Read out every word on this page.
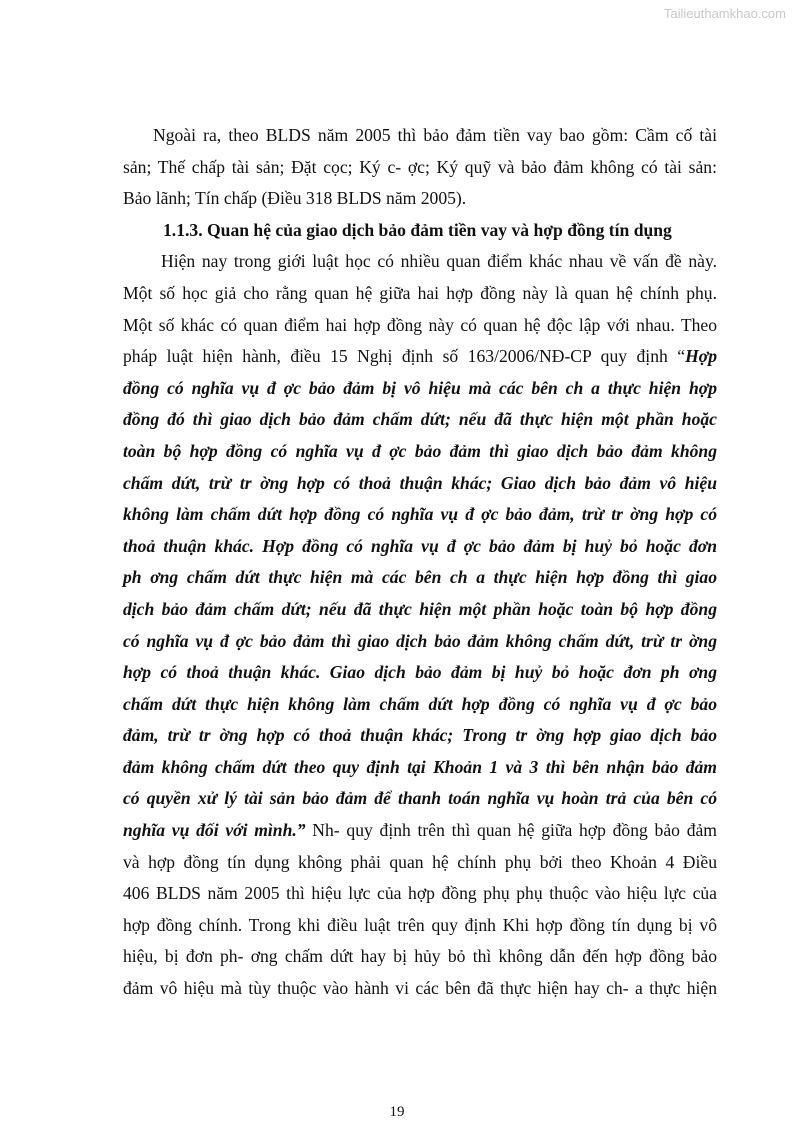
Tailieuthamkhao.com
Ngoài ra, theo BLDS năm 2005 thì bảo đảm tiền vay bao gồm: Cầm cố tài
sản; Thế chấp tài sản; Đặt cọc; Ký c- ợc; Ký quỹ và bảo đảm không có tài sản:
Bảo lãnh; Tín chấp (Điều 318 BLDS năm 2005).
1.1.3. Quan hệ của giao dịch bảo đảm tiền vay và hợp đồng tín dụng
Hiện nay trong giới luật học có nhiều quan điểm khác nhau về vấn đề này.
Một số học giả cho rằng quan hệ giữa hai hợp đồng này là quan hệ chính phụ.
Một số khác có quan điểm hai hợp đồng này có quan hệ độc lập với nhau. Theo
pháp luật hiện hành, điều 15 Nghị định số 163/2006/NĐ-CP quy định “Hợp
đồng có nghĩa vụ đ ợc bảo đảm bị vô hiệu mà các bên ch a thực hiện hợp
đồng đó thì giao dịch bảo đảm chấm dứt; nếu đã thực hiện một phần hoặc
toàn bộ hợp đồng có nghĩa vụ đ ợc bảo đảm thì giao dịch bảo đảm không
chấm dứt, trừ tr ờng hợp có thoả thuận khác; Giao dịch bảo đảm vô hiệu
không làm chấm dứt hợp đồng có nghĩa vụ đ ợc bảo đảm, trừ tr ờng hợp có
thoả thuận khác. Hợp đồng có nghĩa vụ đ ợc bảo đảm bị huỷ bỏ hoặc đơn
ph ơng chấm dứt thực hiện mà các bên ch a thực hiện hợp đồng thì giao
dịch bảo đảm chấm dứt; nếu đã thực hiện một phần hoặc toàn bộ hợp đồng
có nghĩa vụ đ ợc bảo đảm thì giao dịch bảo đảm không chấm dứt, trừ tr ờng
hợp có thoả thuận khác. Giao dịch bảo đảm bị huỷ bỏ hoặc đơn ph ơng
chấm dứt thực hiện không làm chấm dứt hợp đồng có nghĩa vụ đ ợc bảo
đảm, trừ tr ờng hợp có thoả thuận khác; Trong tr ờng hợp giao dịch bảo
đảm không chấm dứt theo quy định tại Khoản 1 và 3 thì bên nhận bảo đảm
có quyền xử lý tài sản bảo đảm để thanh toán nghĩa vụ hoàn trả của bên có
nghĩa vụ đối với mình.” Nh- quy định trên thì quan hệ giữa hợp đồng bảo đảm
và hợp đồng tín dụng không phải quan hệ chính phụ bởi theo Khoản 4 Điều
406 BLDS năm 2005 thì hiệu lực của hợp đồng phụ phụ thuộc vào hiệu lực của
hợp đồng chính. Trong khi điều luật trên quy định Khi hợp đồng tín dụng bị vô
hiệu, bị đơn ph- ơng chấm dứt hay bị hủy bỏ thì không dẫn đến hợp đồng bảo
đảm vô hiệu mà tùy thuộc vào hành vi các bên đã thực hiện hay ch- a thực hiện
19
